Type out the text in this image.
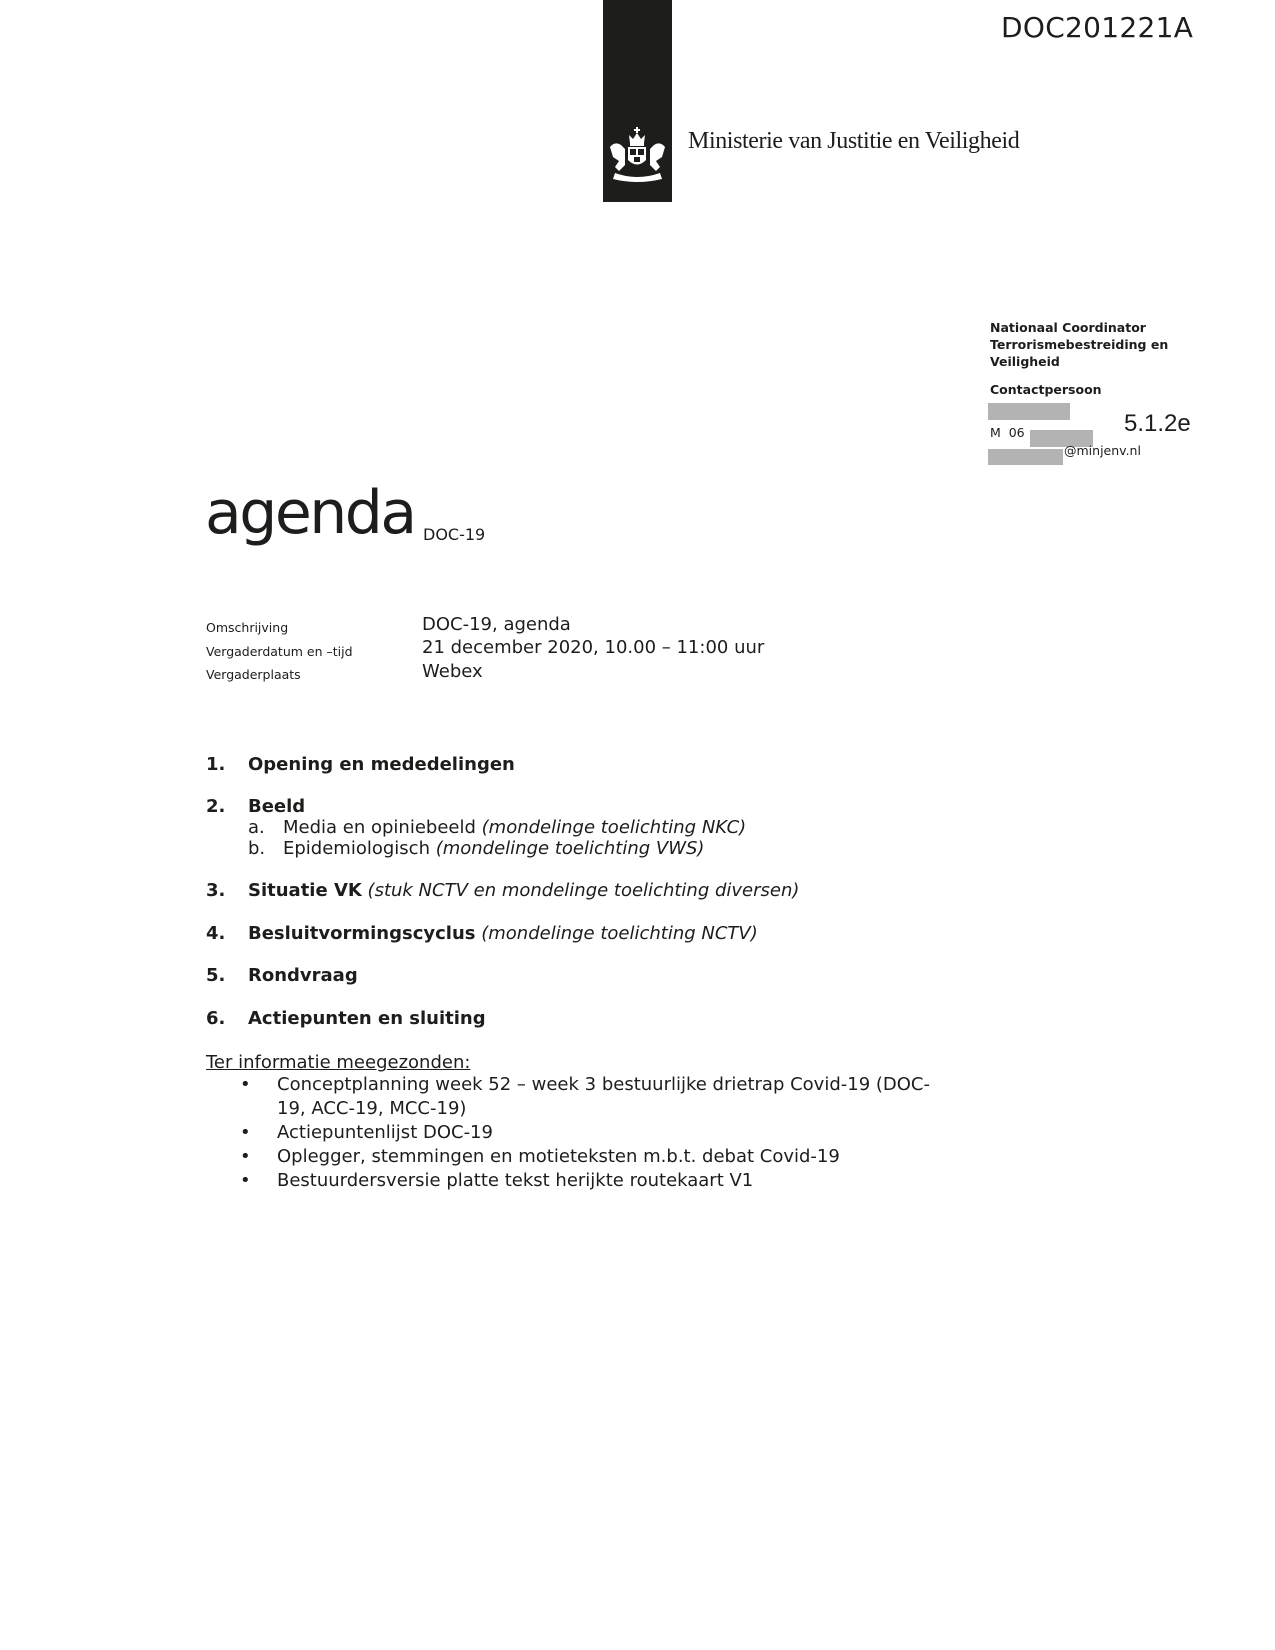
DOC201221A
Ministerie van Justitie en Veiligheid
Nationaal Coordinator Terrorismebestreiding en Veiligheid
Contactpersoon
M  06
@minjenv.nl
5.1.2e
agenda DOC-19
Omschrijving	DOC-19, agenda
Vergaderdatum en –tijd	21 december 2020, 10.00 – 11:00 uur
Vergaderplaats	Webex
1. Opening en mededelingen
2. Beeld
a. Media en opiniebeeld (mondelinge toelichting NKC)
b. Epidemiologisch (mondelinge toelichting VWS)
3. Situatie VK (stuk NCTV en mondelinge toelichting diversen)
4. Besluitvormingscyclus (mondelinge toelichting NCTV)
5. Rondvraag
6. Actiepunten en sluiting
Ter informatie meegezonden:
• Conceptplanning week 52 – week 3 bestuurlijke drietrap Covid-19 (DOC-19, ACC-19, MCC-19)
• Actiepuntenlijst DOC-19
• Oplegger, stemmingen en motieteksten m.b.t. debat Covid-19
• Bestuurdersversie platte tekst herijkte routekaart V1
